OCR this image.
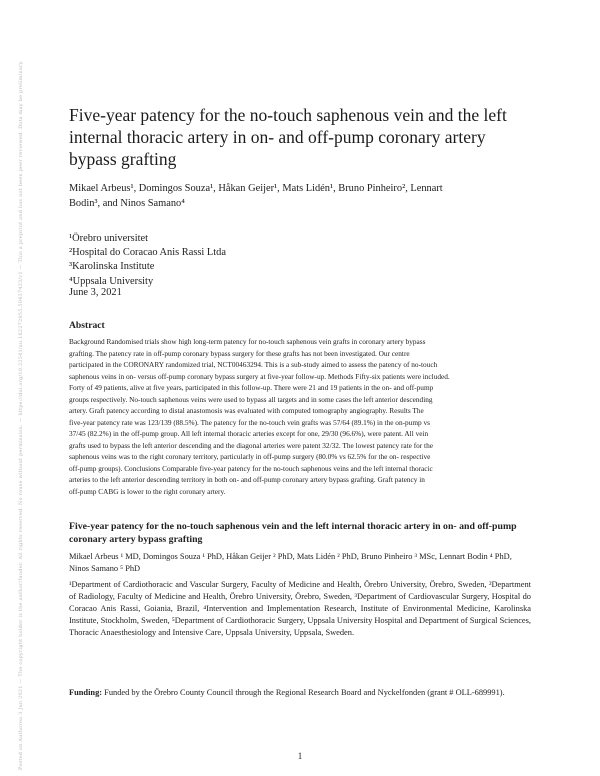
Posted on Authorea 3 Jun 2021 — The copyright holder is the author/funder. All rights reserved. No reuse without permission. — https://doi.org/10.22541/au.162272955.50437433/v1 — This a preprint and has not been peer reviewed. Data may be preliminary.	Five-year patency for the no-touch saphenous vein and the left internal thoracic artery in on- and off-pump coronary artery bypass grafting
Mikael Arbeus¹, Domingos Souza¹, Håkan Geijer¹, Mats Lidén¹, Bruno Pinheiro², Lennart
Bodin³, and Ninos Samano⁴
¹Örebro universitet
²Hospital do Coracao Anis Rassi Ltda
³Karolinska Institute
⁴Uppsala University
June 3, 2021
Abstract
Background Randomised trials show high long-term patency for no-touch saphenous vein grafts in coronary artery bypass
grafting. The patency rate in off-pump coronary bypass surgery for these grafts has not been investigated. Our centre
participated in the CORONARY randomized trial, NCT00463294. This is a sub-study aimed to assess the patency of no-touch
saphenous veins in on- versus off-pump coronary bypass surgery at five-year follow-up. Methods Fifty-six patients were included.
Forty of 49 patients, alive at five years, participated in this follow-up. There were 21 and 19 patients in the on- and off-pump
groups respectively. No-touch saphenous veins were used to bypass all targets and in some cases the left anterior descending
artery. Graft patency according to distal anastomosis was evaluated with computed tomography angiography. Results The
five-year patency rate was 123/139 (88.5%). The patency for the no-touch vein grafts was 57/64 (89.1%) in the on-pump vs
37/45 (82.2%) in the off-pump group. All left internal thoracic arteries except for one, 29/30 (96.6%), were patent. All vein
grafts used to bypass the left anterior descending and the diagonal arteries were patent 32/32. The lowest patency rate for the
saphenous veins was to the right coronary territory, particularly in off-pump surgery (80.0% vs 62.5% for the on- respective
off-pump groups). Conclusions Comparable five-year patency for the no-touch saphenous veins and the left internal thoracic
arteries to the left anterior descending territory in both on- and off-pump coronary artery bypass grafting. Graft patency in
off-pump CABG is lower to the right coronary artery.
Five-year patency for the no-touch saphenous vein and the left internal thoracic artery in on- and off-pump coronary artery bypass grafting
Mikael Arbeus ¹ MD, Domingos Souza ¹ PhD, Håkan Geijer ² PhD, Mats Lidén ² PhD, Bruno Pinheiro ³ MSc, Lennart Bodin ⁴ PhD, Ninos Samano ⁵ PhD
¹Department of Cardiothoracic and Vascular Surgery, Faculty of Medicine and Health, Örebro University, Örebro, Sweden, ²Department of Radiology, Faculty of Medicine and Health, Örebro University, Örebro, Sweden, ³Department of Cardiovascular Surgery, Hospital do Coracao Anis Rassi, Goiania, Brazil, ⁴Intervention and Implementation Research, Institute of Environmental Medicine, Karolinska Institute, Stockholm, Sweden, ⁵Department of Cardiothoracic Surgery, Uppsala University Hospital and Department of Surgical Sciences, Thoracic Anaesthesiology and Intensive Care, Uppsala University, Uppsala, Sweden.
Funding: Funded by the Örebro County Council through the Regional Research Board and Nyckelfonden (grant # OLL-689991).
1
